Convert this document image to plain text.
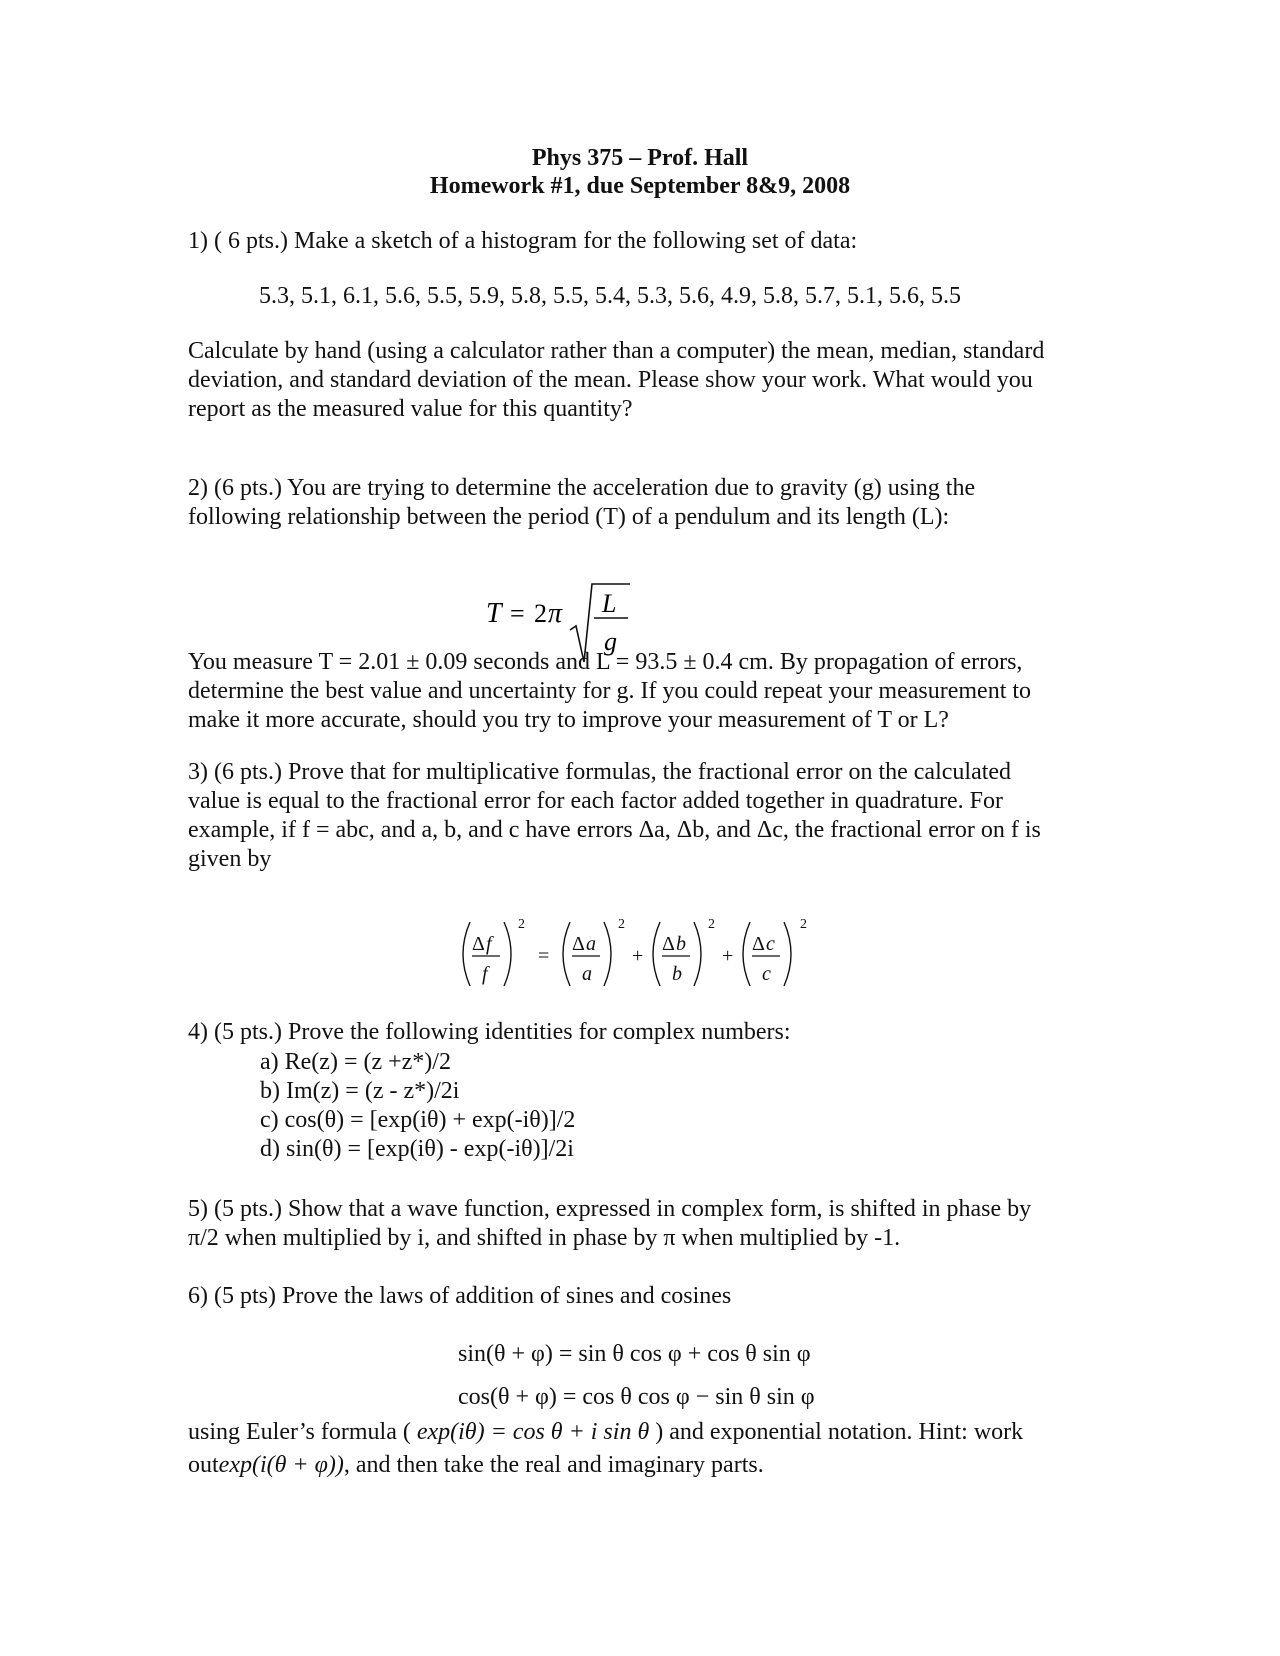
Phys 375 – Prof. Hall
Homework #1, due September 8&9, 2008
1) ( 6 pts.) Make a sketch of a histogram for the following set of data:
5.3, 5.1, 6.1, 5.6, 5.5, 5.9, 5.8, 5.5, 5.4, 5.3, 5.6, 4.9, 5.8, 5.7, 5.1, 5.6, 5.5
Calculate by hand (using a calculator rather than a computer) the mean, median, standard
deviation, and standard deviation of the mean. Please show your work. What would you
report as the measured value for this quantity?
2) (6 pts.) You are trying to determine the acceleration due to gravity (g) using the
following relationship between the period (T) of a pendulum and its length (L):
T = 2 π L
g
You measure T = 2.01 ± 0.09 seconds and L = 93.5 ± 0.4 cm. By propagation of errors,
determine the best value and uncertainty for g. If you could repeat your measurement to
make it more accurate, should you try to improve your measurement of T or L?
3) (6 pts.) Prove that for multiplicative formulas, the fractional error on the calculated
value is equal to the fractional error for each factor added together in quadrature. For
example, if f = abc, and a, b, and c have errors Δa, Δb, and Δc, the fractional error on f is
given by
Δ f
f
2
=
Δ a
a
2
+
Δ b
b
2
+
Δ c
c
2
4) (5 pts.) Prove the following identities for complex numbers:
a) Re(z) = (z +z*)/2
b) Im(z) = (z - z*)/2i
c) cos(θ) = [exp(iθ) + exp(-iθ)]/2
d) sin(θ) = [exp(iθ) - exp(-iθ)]/2i
5) (5 pts.) Show that a wave function, expressed in complex form, is shifted in phase by
π/2 when multiplied by i, and shifted in phase by π when multiplied by -1.
6) (5 pts) Prove the laws of addition of sines and cosines
sin(θ + φ) = sin θ cos φ + cos θ sin φ
cos(θ + φ) = cos θ cos φ − sin θ sin φ
using Euler’s formula ( exp(iθ) = cos θ + i sin θ ) and exponential notation. Hint: work
outexp(i(θ + φ)), and then take the real and imaginary parts.
